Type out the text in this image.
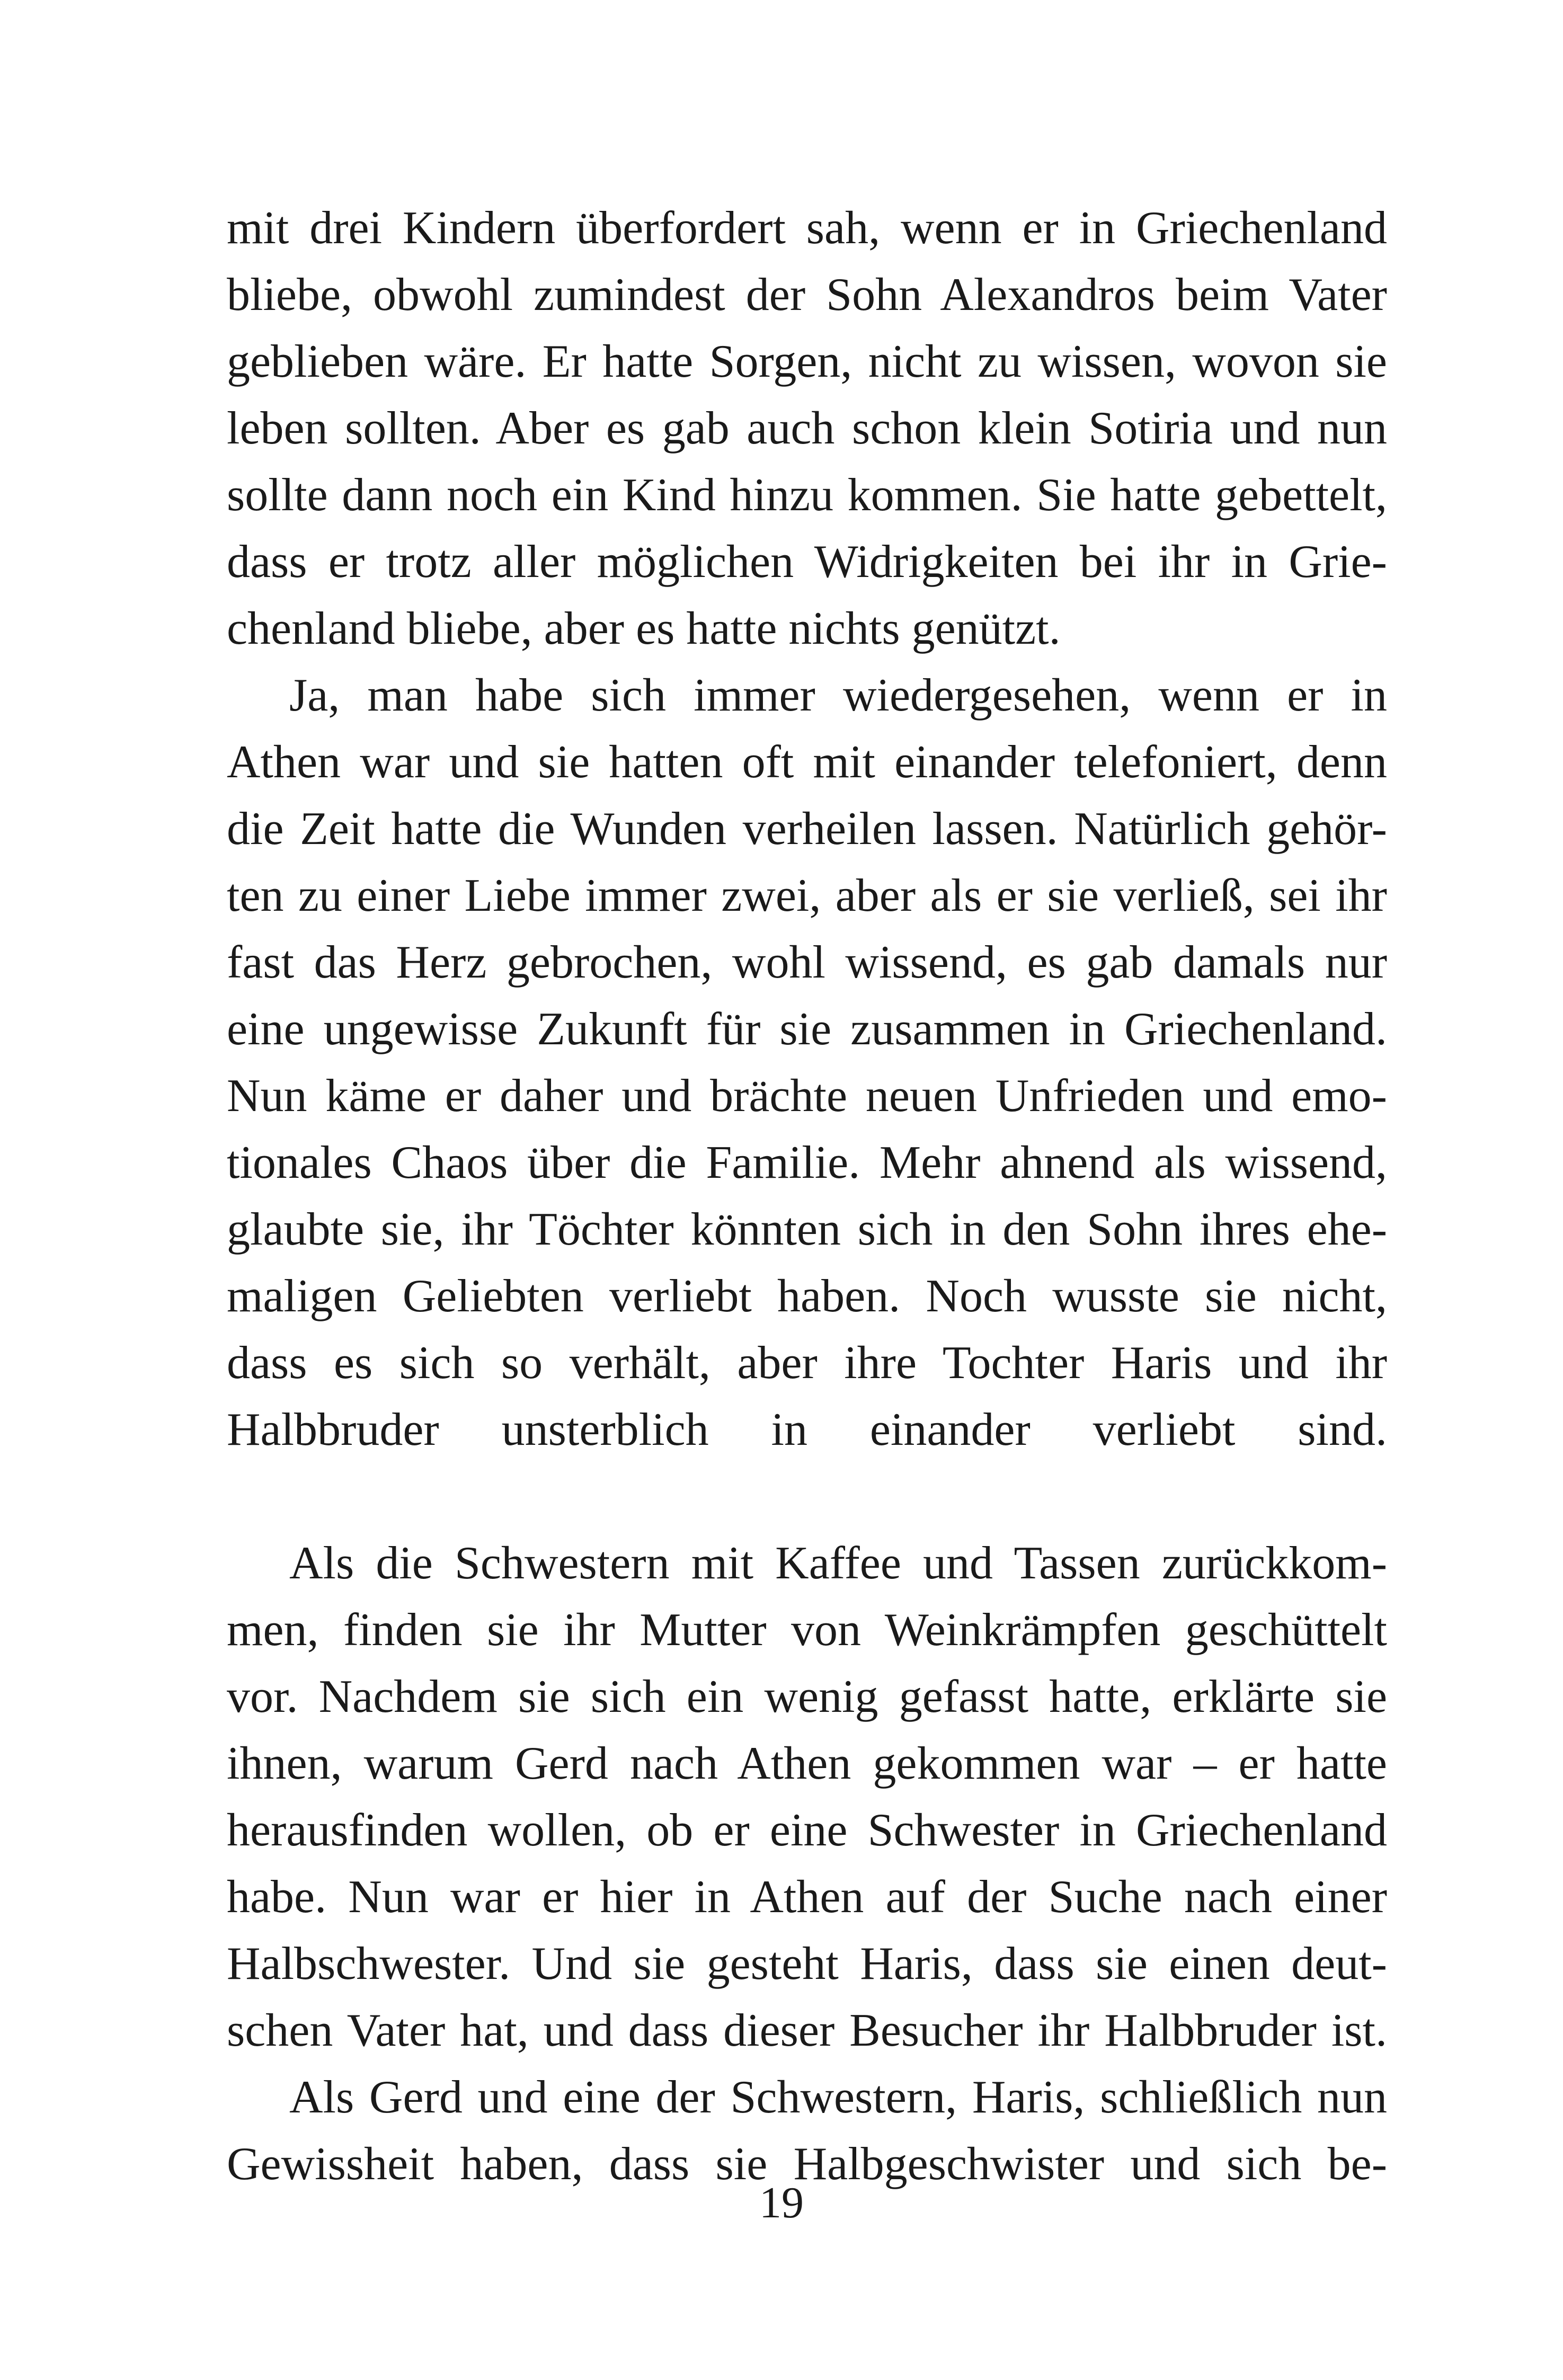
mit drei Kindern überfordert sah, wenn er in Griechenland
bliebe, obwohl zumindest der Sohn Alexandros beim Vater
geblieben wäre. Er hatte Sorgen, nicht zu wissen, wovon sie
leben sollten. Aber es gab auch schon klein Sotiria und nun
sollte dann noch ein Kind hinzu kommen. Sie hatte gebettelt,
dass er trotz aller möglichen Widrigkeiten bei ihr in Grie-
chenland bliebe, aber es hatte nichts genützt.
Ja, man habe sich immer wiedergesehen, wenn er in
Athen war und sie hatten oft mit einander telefoniert, denn
die Zeit hatte die Wunden verheilen lassen. Natürlich gehör-
ten zu einer Liebe immer zwei, aber als er sie verließ, sei ihr
fast das Herz gebrochen, wohl wissend, es gab damals nur
eine ungewisse Zukunft für sie zusammen in Griechenland.
Nun käme er daher und brächte neuen Unfrieden und emo-
tionales Chaos über die Familie. Mehr ahnend als wissend,
glaubte sie, ihr Töchter könnten sich in den Sohn ihres ehe-
maligen Geliebten verliebt haben. Noch wusste sie nicht,
dass es sich so verhält, aber ihre Tochter Haris und ihr
Halbbruder unsterblich in einander verliebt sind.
Als die Schwestern mit Kaffee und Tassen zurückkom-
men, finden sie ihr Mutter von Weinkrämpfen geschüttelt
vor. Nachdem sie sich ein wenig gefasst hatte, erklärte sie
ihnen, warum Gerd nach Athen gekommen war – er hatte
herausfinden wollen, ob er eine Schwester in Griechenland
habe. Nun war er hier in Athen auf der Suche nach einer
Halbschwester. Und sie gesteht Haris, dass sie einen deut-
schen Vater hat, und dass dieser Besucher ihr Halbbruder ist.
Als Gerd und eine der Schwestern, Haris, schließlich nun
Gewissheit haben, dass sie Halbgeschwister und sich be-
19
